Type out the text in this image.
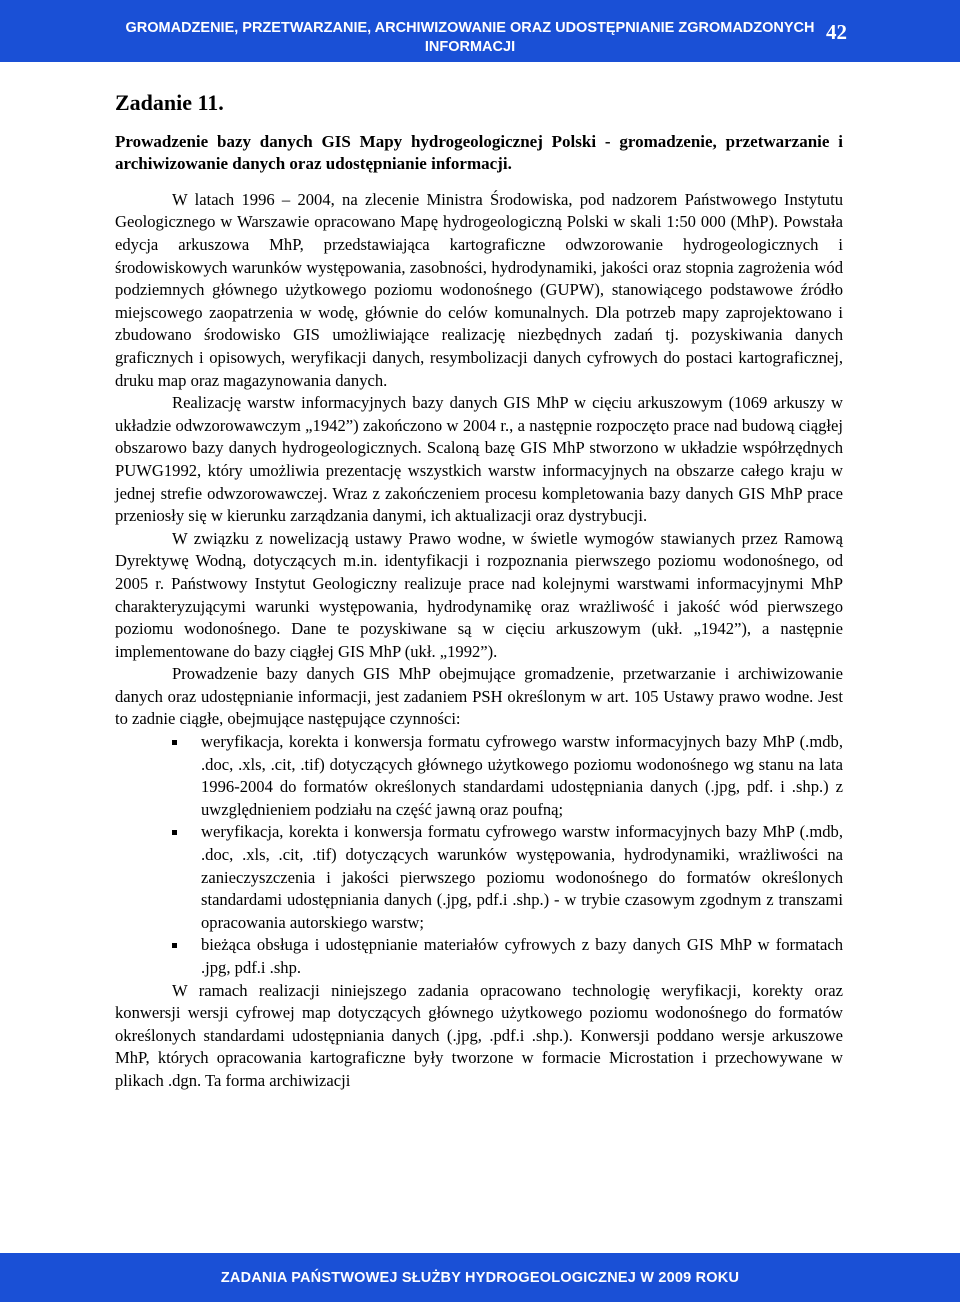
GROMADZENIE, PRZETWARZANIE, ARCHIWIZOWANIE ORAZ UDOSTĘPNIANIE ZGROMADZONYCH INFORMACJI
42
Zadanie 11.
Prowadzenie bazy danych GIS Mapy hydrogeologicznej Polski - gromadzenie, przetwarzanie i archiwizowanie danych oraz udostępnianie informacji.

W latach 1996 – 2004, na zlecenie Ministra Środowiska, pod nadzorem Państwowego Instytutu Geologicznego w Warszawie opracowano Mapę hydrogeologiczną Polski w skali 1:50 000 (MhP). Powstała edycja arkuszowa MhP, przedstawiająca kartograficzne odwzorowanie hydrogeologicznych i środowiskowych warunków występowania, zasobności, hydrodynamiki, jakości oraz stopnia zagrożenia wód podziemnych głównego użytkowego poziomu wodonośnego (GUPW), stanowiącego podstawowe źródło miejscowego zaopatrzenia w wodę, głównie do celów komunalnych. Dla potrzeb mapy zaprojektowano i zbudowano środowisko GIS umożliwiające realizację niezbędnych zadań tj. pozyskiwania danych graficznych i opisowych, weryfikacji danych, resymbolizacji danych cyfrowych do postaci kartograficznej, druku map oraz magazynowania danych.

Realizację warstw informacyjnych bazy danych GIS MhP w cięciu arkuszowym (1069 arkuszy w układzie odwzorowawczym „1942”) zakończono w 2004 r., a następnie rozpoczęto prace nad budową ciągłej obszarowo bazy danych hydrogeologicznych. Scaloną bazę GIS MhP stworzono w układzie współrzędnych PUWG1992, który umożliwia prezentację wszystkich warstw informacyjnych na obszarze całego kraju w jednej strefie odwzorowawczej. Wraz z zakończeniem procesu kompletowania bazy danych GIS MhP prace przeniosły się w kierunku zarządzania danymi, ich aktualizacji oraz dystrybucji.

W związku z nowelizacją ustawy Prawo wodne, w świetle wymogów stawianych przez Ramową Dyrektywę Wodną, dotyczących m.in. identyfikacji i rozpoznania pierwszego poziomu wodonośnego, od 2005 r. Państwowy Instytut Geologiczny realizuje prace nad kolejnymi warstwami informacyjnymi MhP charakteryzującymi warunki występowania, hydrodynamikę oraz wrażliwość i jakość wód pierwszego poziomu wodonośnego. Dane te pozyskiwane są w cięciu arkuszowym (ukł. „1942”), a następnie implementowane do bazy ciągłej GIS MhP (ukł. „1992”).

Prowadzenie bazy danych GIS MhP obejmujące gromadzenie, przetwarzanie i archiwizowanie danych oraz udostępnianie informacji, jest zadaniem PSH określonym w art. 105 Ustawy prawo wodne. Jest to zadnie ciągłe, obejmujące następujące czynności:

weryfikacja, korekta i konwersja formatu cyfrowego warstw informacyjnych bazy MhP (.mdb, .doc, .xls, .cit, .tif) dotyczących głównego użytkowego poziomu wodonośnego wg stanu na lata 1996-2004 do formatów określonych standardami udostępniania danych (.jpg, pdf. i .shp.) z uwzględnieniem podziału na część jawną oraz poufną;
weryfikacja, korekta i konwersja formatu cyfrowego warstw informacyjnych bazy MhP (.mdb, .doc, .xls, .cit, .tif) dotyczących warunków występowania, hydrodynamiki, wrażliwości na zanieczyszczenia i jakości pierwszego poziomu wodonośnego do formatów określonych standardami udostępniania danych (.jpg, pdf.i .shp.) - w trybie czasowym zgodnym z transzami opracowania autorskiego warstw;
bieżąca obsługa i udostępnianie materiałów cyfrowych z bazy danych GIS MhP w formatach .jpg, pdf.i .shp.

W ramach realizacji niniejszego zadania opracowano technologię weryfikacji, korekty oraz konwersji wersji cyfrowej map dotyczących głównego użytkowego poziomu wodonośnego do formatów określonych standardami udostępniania danych (.jpg, .pdf.i .shp.). Konwersji poddano wersje arkuszowe MhP, których opracowania kartograficzne były tworzone w formacie Microstation i przechowywane w plikach .dgn. Ta forma archiwizacji

ZADANIA PAŃSTWOWEJ SŁUŻBY HYDROGEOLOGICZNEJ W 2009 ROKU
